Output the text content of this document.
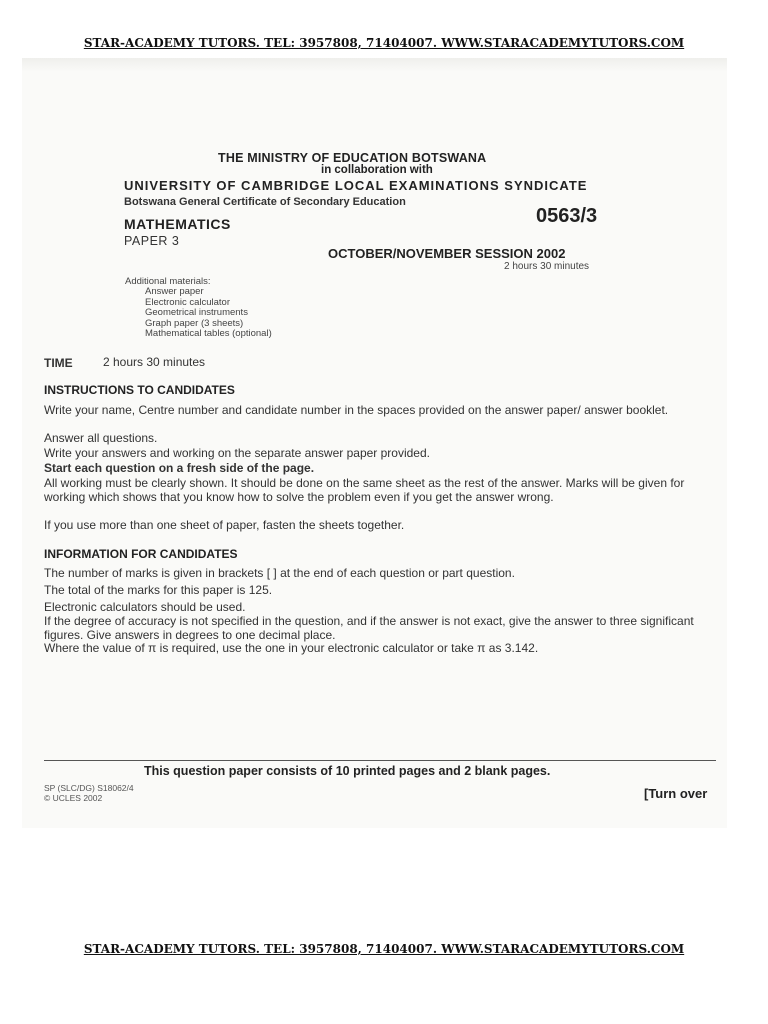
STAR-ACADEMY TUTORS. TEL: 3957808, 71404007. WWW.STARACADEMYTUTORS.COM
THE MINISTRY OF EDUCATION BOTSWANA
in collaboration with
UNIVERSITY OF CAMBRIDGE LOCAL EXAMINATIONS SYNDICATE
Botswana General Certificate of Secondary Education
MATHEMATICS	0563/3
PAPER 3
OCTOBER/NOVEMBER SESSION 2002
2 hours 30 minutes
Additional materials:
Answer paper
Electronic calculator
Geometrical instruments
Graph paper (3 sheets)
Mathematical tables (optional)
TIME	2 hours 30 minutes
INSTRUCTIONS TO CANDIDATES
Write your name, Centre number and candidate number in the spaces provided on the answer paper/ answer booklet.
Answer all questions.
Write your answers and working on the separate answer paper provided.
Start each question on a fresh side of the page.
All working must be clearly shown. It should be done on the same sheet as the rest of the answer. Marks will be given for working which shows that you know how to solve the problem even if you get the answer wrong.
If you use more than one sheet of paper, fasten the sheets together.
INFORMATION FOR CANDIDATES
The number of marks is given in brackets [ ] at the end of each question or part question.
The total of the marks for this paper is 125.
Electronic calculators should be used.
If the degree of accuracy is not specified in the question, and if the answer is not exact, give the answer to three significant figures. Give answers in degrees to one decimal place.
Where the value of π is required, use the one in your electronic calculator or take π as 3.142.
This question paper consists of 10 printed pages and 2 blank pages.
SP (SLC/DG) S18062/4
© UCLES 2002	[Turn over
STAR-ACADEMY TUTORS. TEL: 3957808, 71404007. WWW.STARACADEMYTUTORS.COM
